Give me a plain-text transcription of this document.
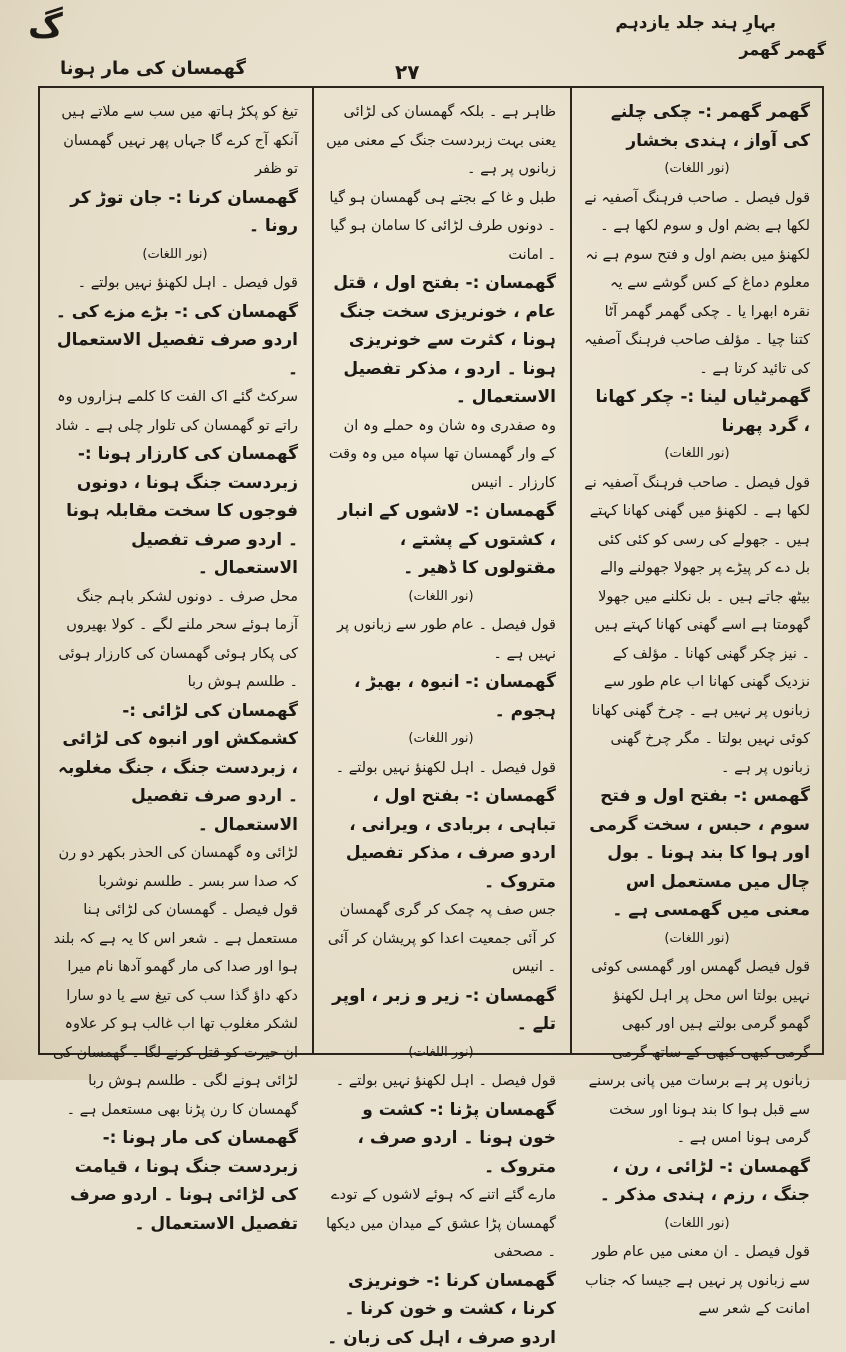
گ	بہارِ ہند جلد یازدہم
گھمر گھمر
گھمسان کی مار ہونا	۲۷

گھمر گھمر :- چکی چلنے کی آواز ، ہندی بخشار

(نور اللغات)

قول فیصل ۔ صاحب فرہنگ آصفیہ نے لکھا ہے بضم اول و سوم لکھا ہے ۔ لکھنؤ میں بضم اول و فتح سوم ہے نہ معلوم دماغ کے کس گوشے سے یہ نقرہ ابھرا یا ۔ چکی گھمر گھمر آٹا کتنا چیا ۔ مؤلف صاحب فرہنگ آصفیہ کی تائید کرتا ہے ۔

گھمرٹیاں لینا :- چکر کھانا ، گرد پھرنا

(نور اللغات)

قول فیصل ۔ صاحب فرہنگ آصفیہ نے لکھا ہے ۔ لکھنؤ میں گھنی کھانا کہتے ہیں ۔ جھولے کی رسی کو کئی کئی بل دے کر پیڑے پر جھولا جھولنے والے بیٹھ جاتے ہیں ۔ بل نکلنے میں جھولا گھومتا ہے اسے گھنی کھانا کہتے ہیں ۔ نیز چکر گھنی کھانا ۔ مؤلف کے نزدیک گھنی کھانا اب عام طور سے زبانوں پر نہیں ہے ۔ چرخ گھنی کھانا کوئی نہیں بولتا ۔ مگر چرخ گھنی زبانوں پر ہے ۔

گھمس :- بفتح اول و فتح سوم ، حبس ، سخت گرمی اور ہوا کا بند ہونا ۔ بول چال میں مستعمل اس معنی میں گھمسی ہے ۔

(نور اللغات)

قول فیصل گھمس اور گھمسی کوئی نہیں بولتا اس محل پر اہل لکھنؤ گھمو گرمی بولتے ہیں اور کبھی گرمی کبھی کبھی کے ساتھ گرمی زبانوں پر ہے برسات میں پانی برسنے سے قبل ہوا کا بند ہونا اور سخت گرمی ہونا امس ہے ۔

گھمسان :- لڑائی ، رن ، جنگ ، رزم ، ہندی مذکر ۔

(نور اللغات)

قول فیصل ۔ ان معنی میں عام طور سے زبانوں پر نہیں ہے جیسا کہ جناب امانت کے شعر سے

ظاہر ہے ۔ بلکہ گھمسان کی لڑائی یعنی بہت زبردست جنگ کے معنی میں زبانوں پر ہے ۔

طبل و غا کے بجتے ہی گھمسان ہو گیا ۔ دونوں طرف لڑائی کا سامان ہو گیا ۔ امانت

گھمسان :- بفتح اول ، قتل عام ، خونریزی سخت جنگ ہونا ، کثرت سے خونریزی ہونا ۔ اردو ، مذکر تفصیل الاستعمال ۔

وہ صفدری وہ شان وہ حملے وہ ان کے وار گھمسان تھا سپاہ میں وہ وقت کارزار ۔ انیس

گھمسان :- لاشوں کے انبار ، کشتوں کے پشتے ، مقتولوں کا ڈھیر ۔

(نور اللغات)

قول فیصل ۔ عام طور سے زبانوں پر نہیں ہے ۔

گھمسان :- انبوہ ، بھیڑ ، ہجوم ۔

(نور اللغات)

قول فیصل ۔ اہل لکھنؤ نہیں بولتے ۔

گھمسان :- بفتح اول ، تباہی ، بربادی ، ویرانی ، اردو صرف ، مذکر تفصیل متروک ۔

جس صف پہ چمک کر گری گھمسان کر آئی جمعیت اعدا کو پریشان کر آئی ۔ انیس

گھمسان :- زیر و زبر ، اوپر تلے ۔

(نور اللغات)

قول فیصل ۔ اہل لکھنؤ نہیں بولتے ۔

گھمسان پڑنا :- کشت و خون ہونا ۔ اردو صرف ، متروک ۔

مارے گئے اتنے کہ ہوئے لاشوں کے تودے گھمسان پڑا عشق کے میدان میں دیکھا ۔ مصحفی

گھمسان کرنا :- خونریزی کرنا ، کشت و خون کرنا ۔ اردو صرف ، اہل کی زبان ۔

تیغ کو پکڑ ہاتھ میں سب سے ملاتے ہیں آنکھ آج کرے گا جہاں پھر نہیں گھمسان تو ظفر

گھمسان کرنا :- جان توڑ کر رونا ۔

(نور اللغات)

قول فیصل ۔ اہل لکھنؤ نہیں بولتے ۔

گھمسان کی :- بڑے مزے کی ۔ اردو صرف تفصیل الاستعمال ۔

سرکٹ گئے اک الفت کا کلمے ہزاروں وہ راتے تو گھمسان کی تلوار چلی ہے ۔ شاد

گھمسان کی کارزار ہونا :- زبردست جنگ ہونا ، دونوں فوجوں کا سخت مقابلہ ہونا ۔ اردو صرف تفصیل الاستعمال ۔

محل صرف ۔ دونوں لشکر باہم جنگ آزما ہوئے سحر ملنے لگے ۔ کولا بھیروں کی پکار ہوئی گھمسان کی کارزار ہوئی ۔ طلسم ہوش ربا

گھمسان کی لڑائی :- کشمکش اور انبوہ کی لڑائی ، زبردست جنگ ، جنگ مغلوبہ ۔ اردو صرف تفصیل الاستعمال ۔

لڑائی وہ گھمسان کی الحذر بکھر دو رن کہ صدا سر بسر ۔ طلسم نوشربا

قول فیصل ۔ گھمسان کی لڑائی ہنا مستعمل ہے ۔ شعر اس کا یہ ہے کہ بلند ہوا اور صدا کی مار گھمو آدھا نام میرا دکھ داؤ گذا سب کی تیغ سے یا دو سارا لشکر مغلوب تھا اب غالب ہو کر علاوہ ان حیرت کو قتل کرنے لگا ۔ گھمسان کی لڑائی ہونے لگی ۔ طلسم ہوش ربا

گھمسان کا رن پڑنا بھی مستعمل ہے ۔

گھمسان کی مار ہونا :- زبردست جنگ ہونا ، قیامت کی لڑائی ہونا ۔ اردو صرف تفصیل الاستعمال ۔
